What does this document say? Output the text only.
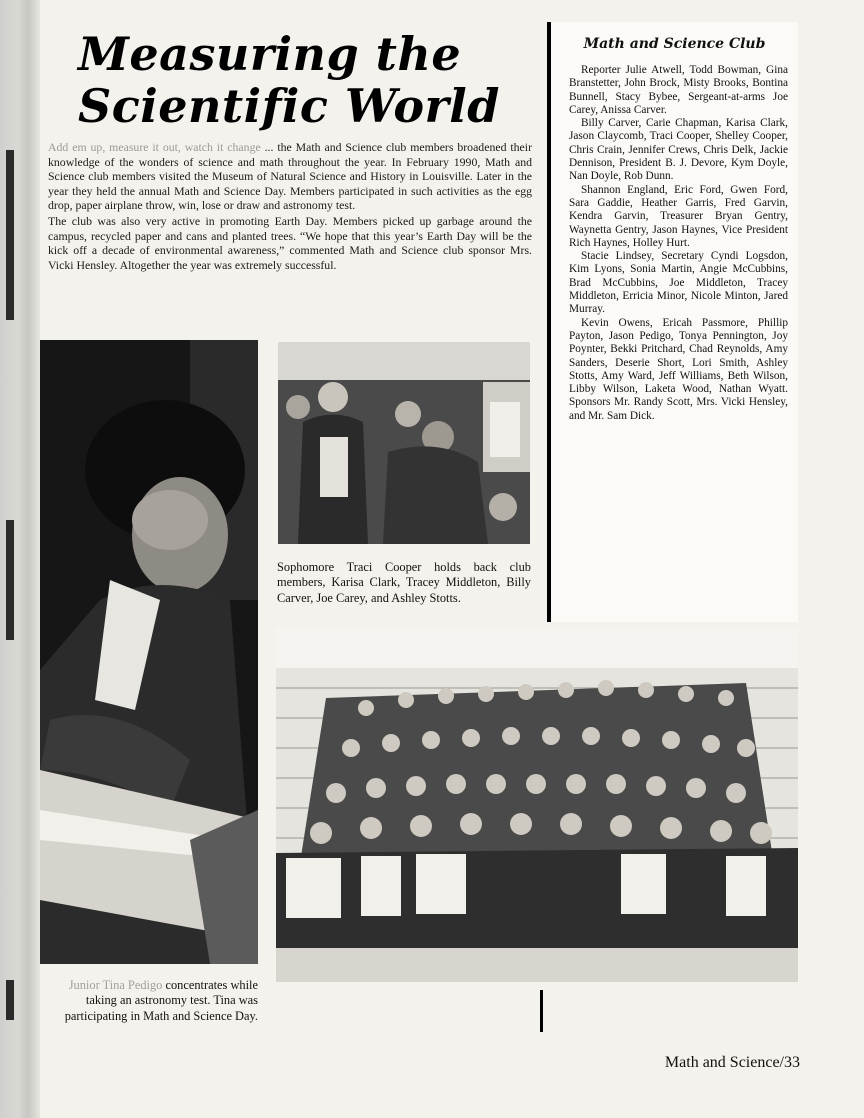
Measuring the
Scientific World
Add em up, measure it out, watch it change ... the Math and Science club members broadened their knowledge of the wonders of science and math throughout the year. In February 1990, Math and Science club members visited the Museum of Natural Science and History in Louisville. Later in the year they held the annual Math and Science Day. Members participated in such activities as the egg drop, paper airplane throw, win, lose or draw and astronomy test.
The club was also very active in promoting Earth Day. Members picked up garbage around the campus, recycled paper and cans and planted trees. “We hope that this year’s Earth Day will be the kick off a decade of environmental awareness,” commented Math and Science club sponsor Mrs. Vicki Hensley. Altogether the year was extremely successful.
Math and Science Club

Reporter Julie Atwell, Todd Bowman, Gina Branstetter, John Brock, Misty Brooks, Bontina Bunnell, Stacy Bybee, Sergeant-at-arms Joe Carey, Anissa Carver.

Billy Carver, Carie Chapman, Karisa Clark, Jason Claycomb, Traci Cooper, Shelley Cooper, Chris Crain, Jennifer Crews, Chris Delk, Jackie Dennison, President B. J. Devore, Kym Doyle, Nan Doyle, Rob Dunn.

Shannon England, Eric Ford, Gwen Ford, Sara Gaddie, Heather Garris, Fred Garvin, Kendra Garvin, Treasurer Bryan Gentry, Waynetta Gentry, Jason Haynes, Vice President Rich Haynes, Holley Hurt.

Stacie Lindsey, Secretary Cyndi Logsdon, Kim Lyons, Sonia Martin, Angie McCubbins, Brad McCubbins, Joe Middleton, Tracey Middleton, Erricia Minor, Nicole Minton, Jared Murray.

Kevin Owens, Ericah Passmore, Phillip Payton, Jason Pedigo, Tonya Pennington, Joy Poynter, Bekki Pritchard, Chad Reynolds, Amy Sanders, Deserie Short, Lori Smith, Ashley Stotts, Amy Ward, Jeff Williams, Beth Wilson, Libby Wilson, Laketa Wood, Nathan Wyatt. Sponsors Mr. Randy Scott, Mrs. Vicki Hensley, and Mr. Sam Dick.

Sophomore Traci Cooper holds back club members, Karisa Clark, Tracey Middleton, Billy Carver, Joe Carey, and Ashley Stotts.

Junior Tina Pedigo concentrates while taking an astronomy test. Tina was participating in Math and Science Day.

Math and Science/33
